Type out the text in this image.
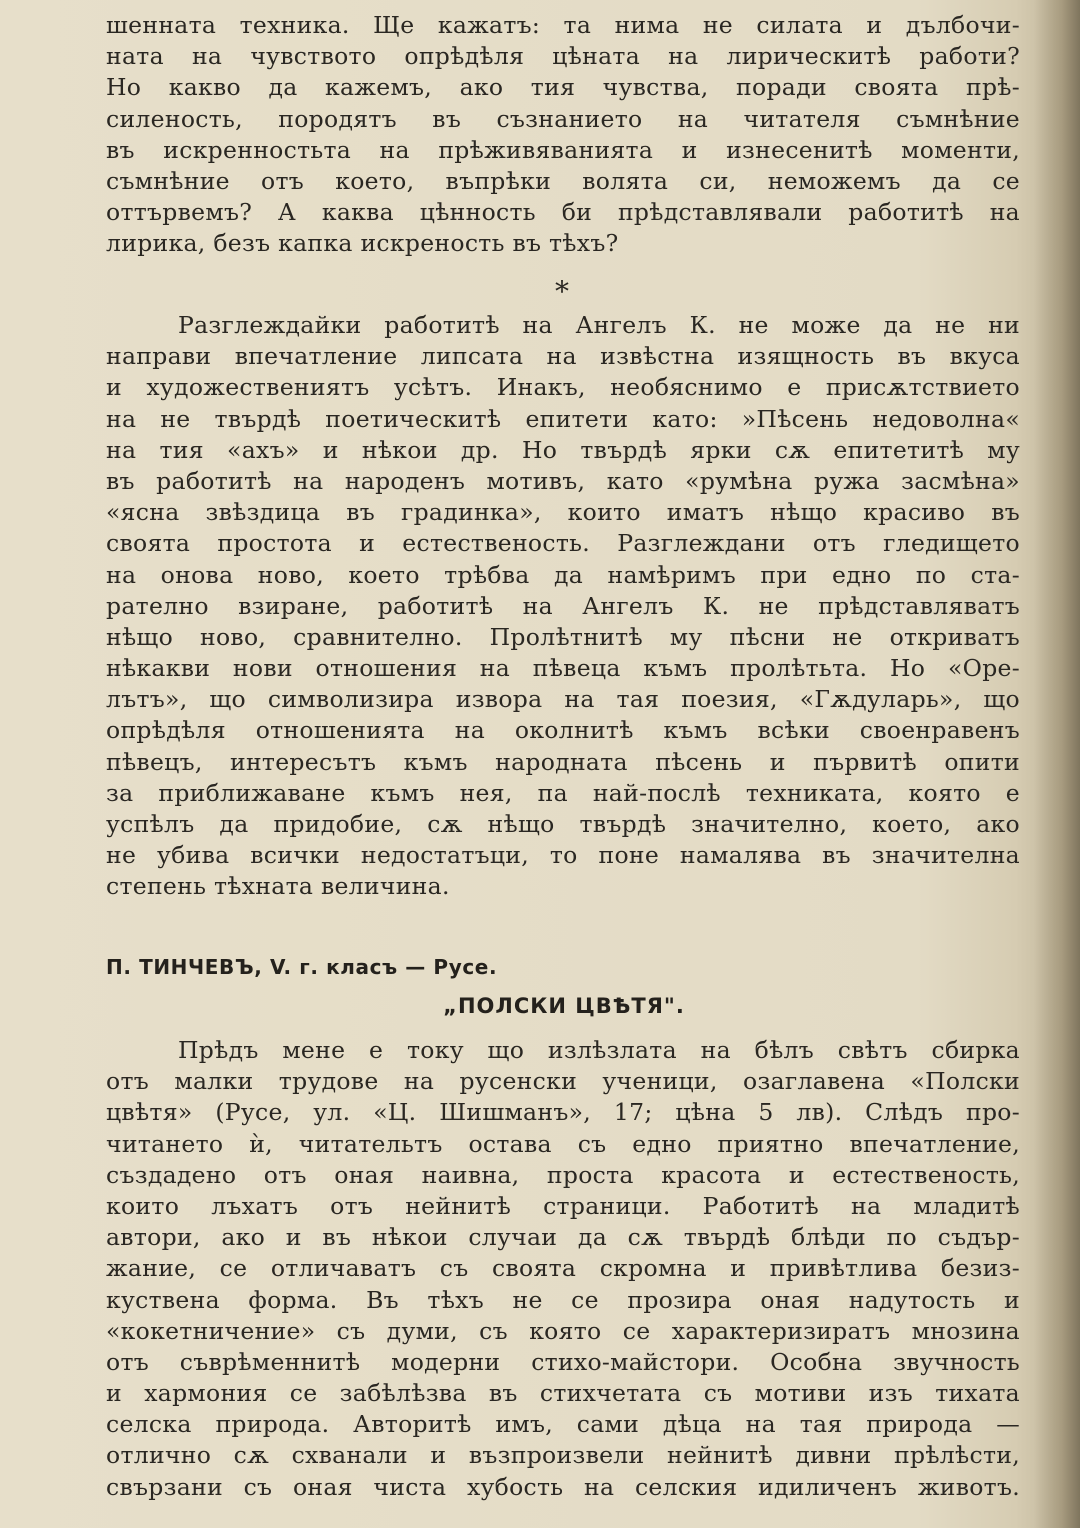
шенната техника. Ще кажатъ: та нима не силата и дълбочи-
ната на чувството опрѣдѣля цѣната на лирическитѣ работи?
Но какво да кажемъ, ако тия чувства, поради своята прѣ-
силеность, породятъ въ съзнанието на читателя съмнѣние
въ искренностьта на прѣживяванията и изнесенитѣ моменти,
съмнѣние отъ което, въпрѣки волята си, неможемъ да се
оттървемъ? А каква цѣнность би прѣдставлявали работитѣ на
лирика, безъ капка искреность въ тѣхъ?
*
Разглеждайки работитѣ на Ангелъ К. не може да не ни
направи впечатление липсата на извѣстна изящность въ вкуса
и художествениятъ усѣтъ. Инакъ, необяснимо е присѫтствието
на не твърдѣ поетическитѣ епитети като: »Пѣсень недоволна«
на тия «ахъ» и нѣкои др. Но твърдѣ ярки сѫ епитетитѣ му
въ работитѣ на народенъ мотивъ, като «румѣна ружа засмѣна»
«ясна звѣздица въ градинка», които иматъ нѣщо красиво въ
своята простота и естественость. Разглеждани отъ гледището
на онова ново, което трѣбва да намѣримъ при едно по ста-
рателно взиране, работитѣ на Ангелъ К. не прѣдставляватъ
нѣщо ново, сравнително. Пролѣтнитѣ му пѣсни не откриватъ
нѣкакви нови отношения на пѣвеца къмъ пролѣтьта. Но «Оре-
лътъ», що символизира извора на тая поезия, «Гѫдуларь», що
опрѣдѣля отношенията на околнитѣ къмъ всѣки своенравенъ
пѣвецъ, интересътъ къмъ народната пѣсень и първитѣ опити
за приближаване къмъ нея, па най-послѣ техниката, която е
успѣлъ да придобие, сѫ нѣщо твърдѣ значително, което, ако
не убива всички недостатъци, то поне намалява въ значителна
степень тѣхната величина.
П. ТИНЧЕВЪ, V. г. класъ — Русе.
„ПОЛСКИ ЦВѢТЯ".
Прѣдъ мене е току що излѣзлата на бѣлъ свѣтъ сбирка
отъ малки трудове на русенски ученици, озаглавена «Полски
цвѣтя» (Русе, ул. «Ц. Шишманъ», 17; цѣна 5 лв). Слѣдъ про-
читането ѝ, читательтъ остава съ едно приятно впечатление,
създадено отъ оная наивна, проста красота и естественость,
които лъхатъ отъ нейнитѣ страници. Работитѣ на младитѣ
автори, ако и въ нѣкои случаи да сѫ твърдѣ блѣди по съдър-
жание, се отличаватъ съ своята скромна и привѣтлива безиз-
куствена форма. Въ тѣхъ не се прозира оная надутость и
«кокетничение» съ думи, съ която се характеризиратъ мнозина
отъ съврѣменнитѣ модерни стихо-майстори. Особна звучность
и хармония се забѣлѣзва въ стихчетата съ мотиви изъ тихата
селска природа. Авторитѣ имъ, сами дѣца на тая природа —
отлично сѫ схванали и възпроизвели нейнитѣ дивни прѣлѣсти,
свързани съ оная чиста хубость на селския идиличенъ животъ.
